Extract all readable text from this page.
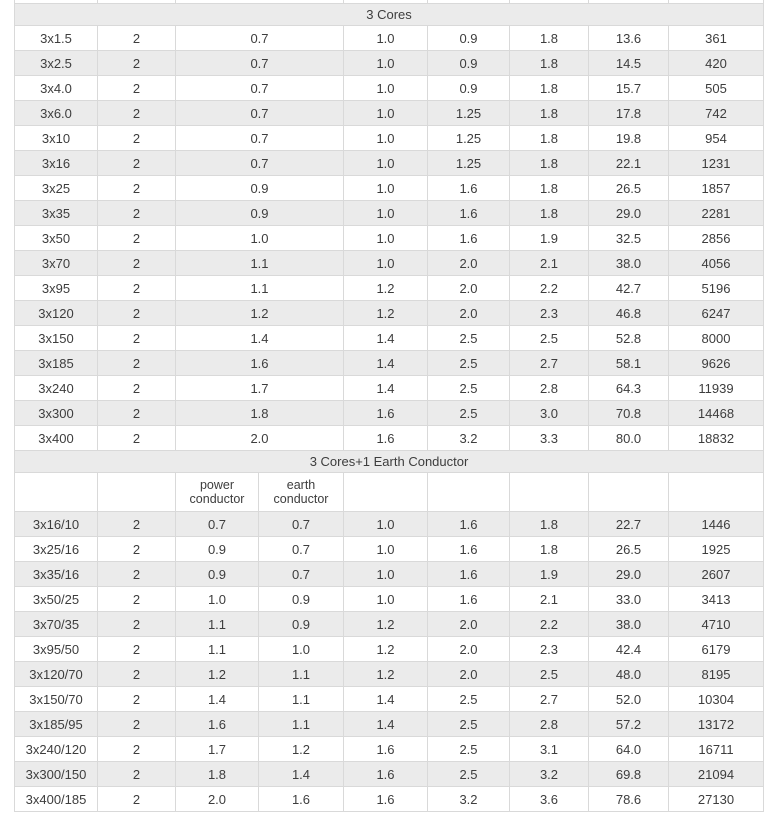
3 Cores								
3x1.5	2	0.7		1.0	0.9	1.8	13.6	361
3x2.5	2	0.7		1.0	0.9	1.8	14.5	420
3x4.0	2	0.7		1.0	0.9	1.8	15.7	505
3x6.0	2	0.7		1.0	1.25	1.8	17.8	742
3x10	2	0.7		1.0	1.25	1.8	19.8	954
3x16	2	0.7		1.0	1.25	1.8	22.1	1231
3x25	2	0.9		1.0	1.6	1.8	26.5	1857
3x35	2	0.9		1.0	1.6	1.8	29.0	2281
3x50	2	1.0		1.0	1.6	1.9	32.5	2856
3x70	2	1.1		1.0	2.0	2.1	38.0	4056
3x95	2	1.1		1.2	2.0	2.2	42.7	5196
3x120	2	1.2		1.2	2.0	2.3	46.8	6247
3x150	2	1.4		1.4	2.5	2.5	52.8	8000
3x185	2	1.6		1.4	2.5	2.7	58.1	9626
3x240	2	1.7		1.4	2.5	2.8	64.3	11939
3x300	2	1.8		1.6	2.5	3.0	70.8	14468
3x400	2	2.0		1.6	3.2	3.3	80.0	18832
3 Cores+1 Earth Conductor								
		power conductor	earth conductor					
3x16/10	2	0.7	0.7	1.0	1.6	1.8	22.7	1446
3x25/16	2	0.9	0.7	1.0	1.6	1.8	26.5	1925
3x35/16	2	0.9	0.7	1.0	1.6	1.9	29.0	2607
3x50/25	2	1.0	0.9	1.0	1.6	2.1	33.0	3413
3x70/35	2	1.1	0.9	1.2	2.0	2.2	38.0	4710
3x95/50	2	1.1	1.0	1.2	2.0	2.3	42.4	6179
3x120/70	2	1.2	1.1	1.2	2.0	2.5	48.0	8195
3x150/70	2	1.4	1.1	1.4	2.5	2.7	52.0	10304
3x185/95	2	1.6	1.1	1.4	2.5	2.8	57.2	13172
3x240/120	2	1.7	1.2	1.6	2.5	3.1	64.0	16711
3x300/150	2	1.8	1.4	1.6	2.5	3.2	69.8	21094
3x400/185	2	2.0	1.6	1.6	3.2	3.6	78.6	27130
